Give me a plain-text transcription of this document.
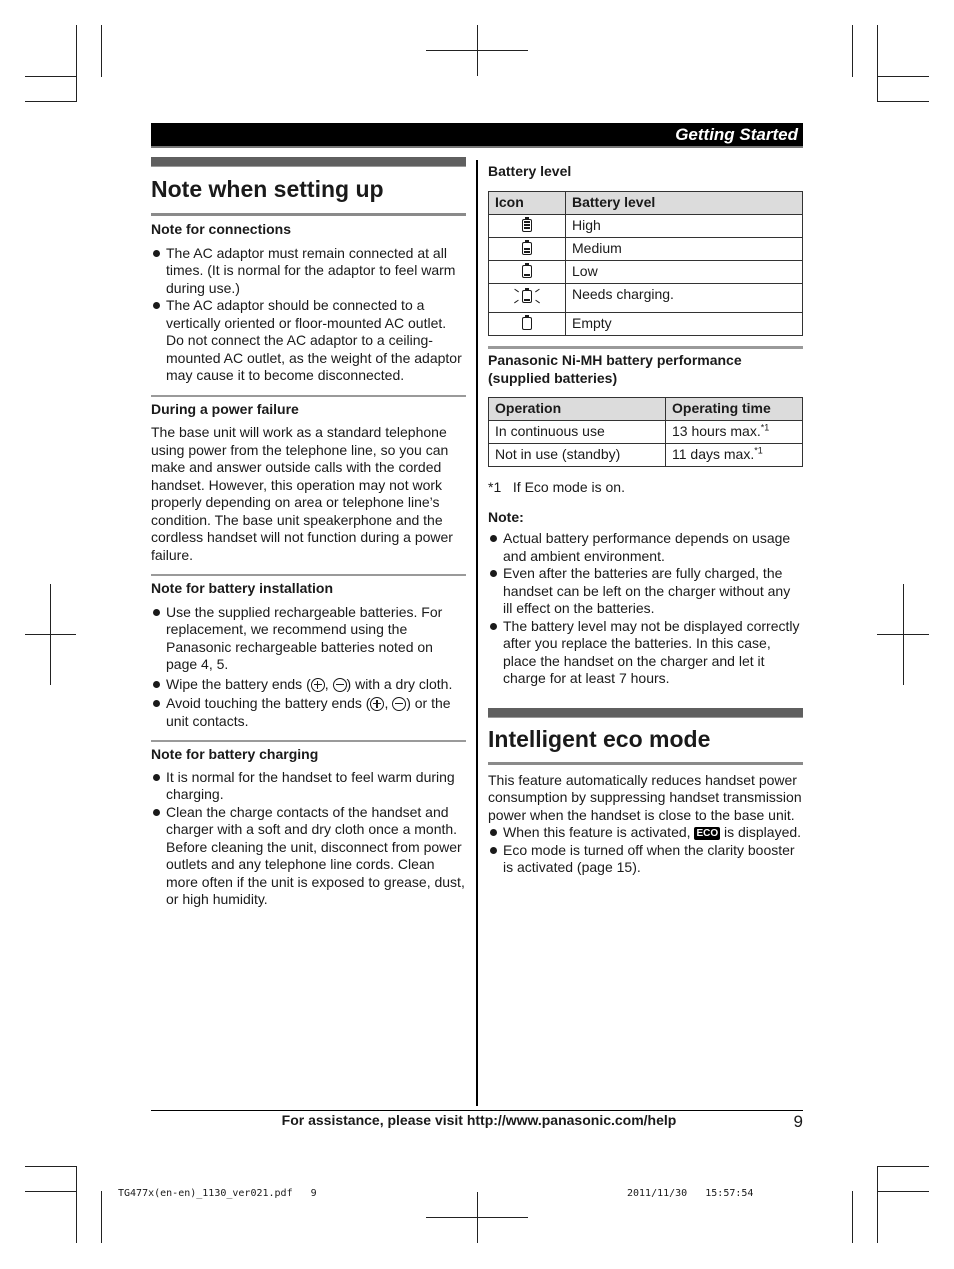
Getting Started
Note when setting up
Note for connections
The AC adaptor must remain connected at all times. (It is normal for the adaptor to feel warm during use.)
The AC adaptor should be connected to a vertically oriented or floor-mounted AC outlet. Do not connect the AC adaptor to a ceiling-mounted AC outlet, as the weight of the adaptor may cause it to become disconnected.
During a power failure

The base unit will work as a standard telephone using power from the telephone line, so you can make and answer outside calls with the corded handset. However, this operation may not work properly depending on area or telephone line’s condition. The base unit speakerphone and the cordless handset will not function during a power failure.

Note for battery installation
Use the supplied rechargeable batteries. For replacement, we recommend using the Panasonic rechargeable batteries noted on page 4, 5.
Wipe the battery ends ( , ) with a dry cloth.
Avoid touching the battery ends ( , ) or the unit contacts.
Note for battery charging
It is normal for the handset to feel warm during charging.
Clean the charge contacts of the handset and charger with a soft and dry cloth once a month. Before cleaning the unit, disconnect from power outlets and any telephone line cords. Clean more often if the unit is exposed to grease, dust, or high humidity.
Battery level
Icon	Battery level

	High

	Medium

	Low

	Needs charging.
	Empty
Panasonic Ni-MH battery performance
(supplied batteries)
Operation	Operating time
In continuous use	13 hours max.$^{*1}$
Not in use (standby)	11 days max.$^{*1}$

*1   If Eco mode is on.

Note:
Actual battery performance depends on usage and ambient environment.
Even after the batteries are fully charged, the handset can be left on the charger without any ill effect on the batteries.
The battery level may not be displayed correctly after you replace the batteries. In this case, place the handset on the charger and let it charge for at least 7 hours.
Intelligent eco mode

This feature automatically reduces handset power consumption by suppressing handset transmission power when the handset is close to the base unit.

When this feature is activated, ECO is displayed.
Eco mode is turned off when the clarity booster is activated (page 15).
For assistance, please visit http://www.panasonic.com/help	9
TG477x(en-en)_1130_ver021.pdf   9	2011/11/30   15:57:54
